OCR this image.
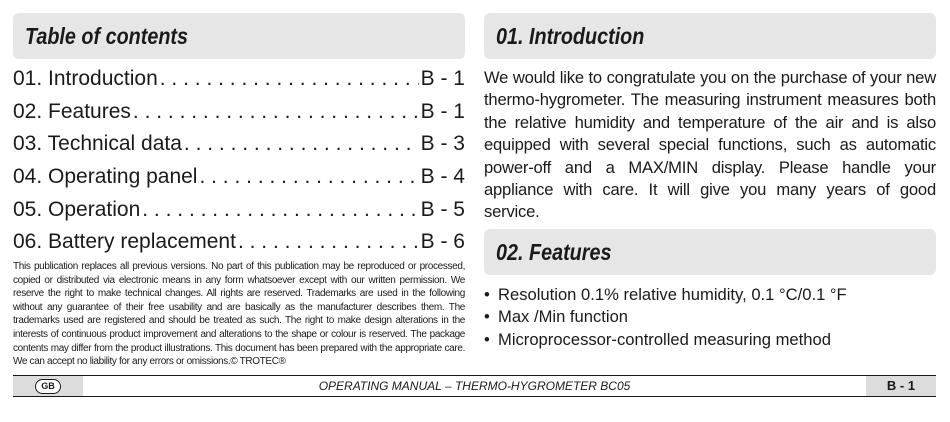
Table of contents
01. Introduction . . .	B - 1
02. Features . . .	B - 1
03. Technical data . . .	B - 3
04. Operating panel . . .	B - 4
05. Operation . . .	B - 5
06. Battery replacement . . .	B - 6
This publication replaces all previous versions. No part of this publication may be reproduced or processed, copied or distributed via electronic means in any form whatsoever except with our written permission. We reserve the right to make technical changes. All rights are reserved. Trademarks are used in the following without any guarantee of their free usability and are basically as the manufacturer describes them. The trademarks used are registered and should be treated as such. The right to make design alterations in the interests of continuous product improvement and alterations to the shape or colour is reserved. The package contents may differ from the product illustrations. This document has been prepared with the appropriate care. We can accept no liability for any errors or omissions.© TROTEC®
01. Introduction
We would like to congratulate you on the purchase of your new thermo-hygrometer. The measuring instrument measures both the relative humidity and temperature of the air and is also equipped with several special functions, such as automatic power-off and a MAX/MIN display. Please handle your appliance with care. It will give you many years of good service.
02. Features
• Resolution 0.1% relative humidity, 0.1 °C/0.1 °F
• Max /Min function
• Microprocessor-controlled measuring method
GB	OPERATING MANUAL – THERMO-HYGROMETER BC05	B - 1
